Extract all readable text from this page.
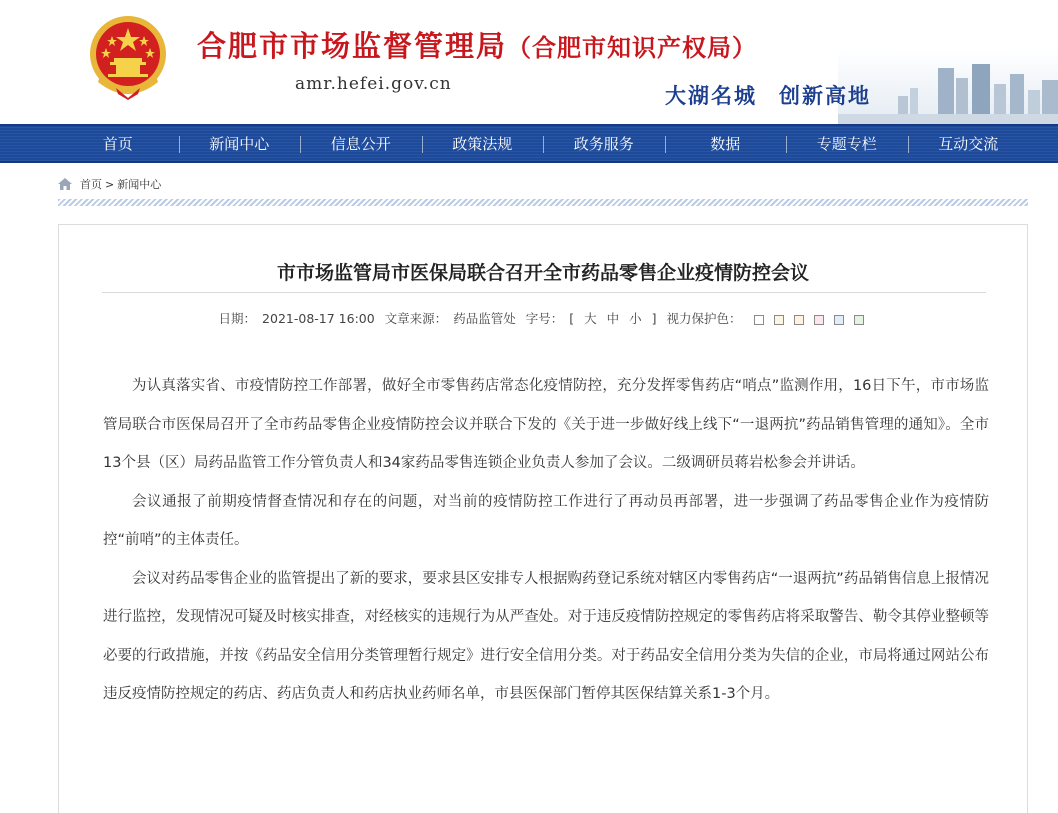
合肥市市场监督管理局（合肥市知识产权局）
amr.hefei.gov.cn	大湖名城 创新高地
首页	新闻中心	信息公开	政策法规	政务服务	数据	专题专栏	互动交流
首页 > 新闻中心
市市场监管局市医保局联合召开全市药品零售企业疫情防控会议
日期： 2021-08-17 16:00 文章来源： 药品监管处 字号： [ 大 中 小 ] 视力保护色：

为认真落实省、市疫情防控工作部署，做好全市零售药店常态化疫情防控，充分发挥零售药店“哨点”监测作用，16日下午，市市场监管局联合市医保局召开了全市药品零售企业疫情防控会议并联合下发的《关于进一步做好线上线下“一退两抗”药品销售管理的通知》。全市13个县（区）局药品监管工作分管负责人和34家药品零售连锁企业负责人参加了会议。二级调研员蒋岩松参会并讲话。

会议通报了前期疫情督查情况和存在的问题，对当前的疫情防控工作进行了再动员再部署，进一步强调了药品零售企业作为疫情防控“前哨”的主体责任。

会议对药品零售企业的监管提出了新的要求，要求县区安排专人根据购药登记系统对辖区内零售药店“一退两抗”药品销售信息上报情况进行监控，发现情况可疑及时核实排查，对经核实的违规行为从严查处。对于违反疫情防控规定的零售药店将采取警告、勒令其停业整顿等必要的行政措施，并按《药品安全信用分类管理暂行规定》进行安全信用分类。对于药品安全信用分类为失信的企业，市局将通过网站公布违反疫情防控规定的药店、药店负责人和药店执业药师名单，市县医保部门暂停其医保结算关系1-3个月。
